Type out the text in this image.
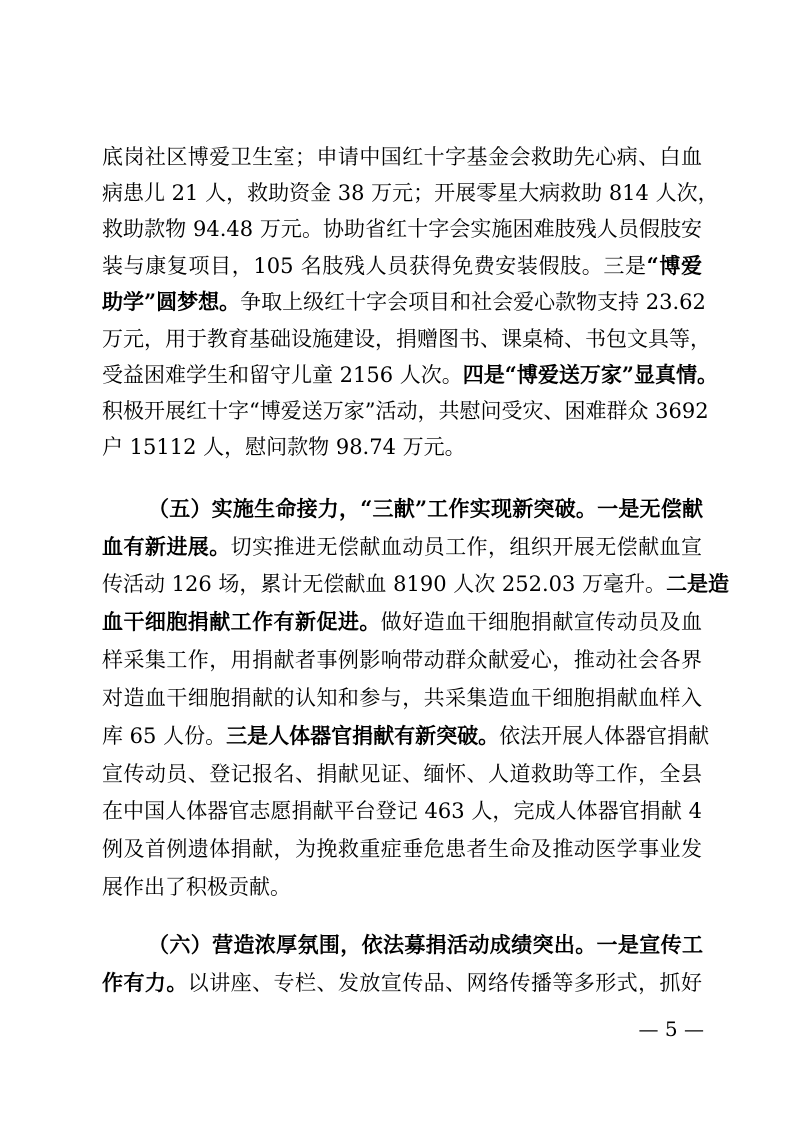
底岗社区博爱卫生室；申请中国红十字基金会救助先心病、白血
病患儿 21 人，救助资金 38 万元；开展零星大病救助 814 人次，
救助款物 94.48 万元。协助省红十字会实施困难肢残人员假肢安
装与康复项目，105 名肢残人员获得免费安装假肢。三是“博爱
助学”圆梦想。争取上级红十字会项目和社会爱心款物支持 23.62
万元，用于教育基础设施建设，捐赠图书、课桌椅、书包文具等，
受益困难学生和留守儿童 2156 人次。四是“博爱送万家”显真情。
积极开展红十字“博爱送万家”活动，共慰问受灾、困难群众 3692
户 15112 人，慰问款物 98.74 万元。
（五）实施生命接力，“三献”工作实现新突破。一是无偿献
血有新进展。切实推进无偿献血动员工作，组织开展无偿献血宣
传活动 126 场，累计无偿献血 8190 人次 252.03 万毫升。二是造
血干细胞捐献工作有新促进。做好造血干细胞捐献宣传动员及血
样采集工作，用捐献者事例影响带动群众献爱心，推动社会各界
对造血干细胞捐献的认知和参与，共采集造血干细胞捐献血样入
库 65 人份。三是人体器官捐献有新突破。依法开展人体器官捐献
宣传动员、登记报名、捐献见证、缅怀、人道救助等工作，全县
在中国人体器官志愿捐献平台登记 463 人，完成人体器官捐献 4
例及首例遗体捐献，为挽救重症垂危患者生命及推动医学事业发
展作出了积极贡献。
（六）营造浓厚氛围，依法募捐活动成绩突出。一是宣传工
作有力。以讲座、专栏、发放宣传品、网络传播等多形式，抓好
— 5 —
